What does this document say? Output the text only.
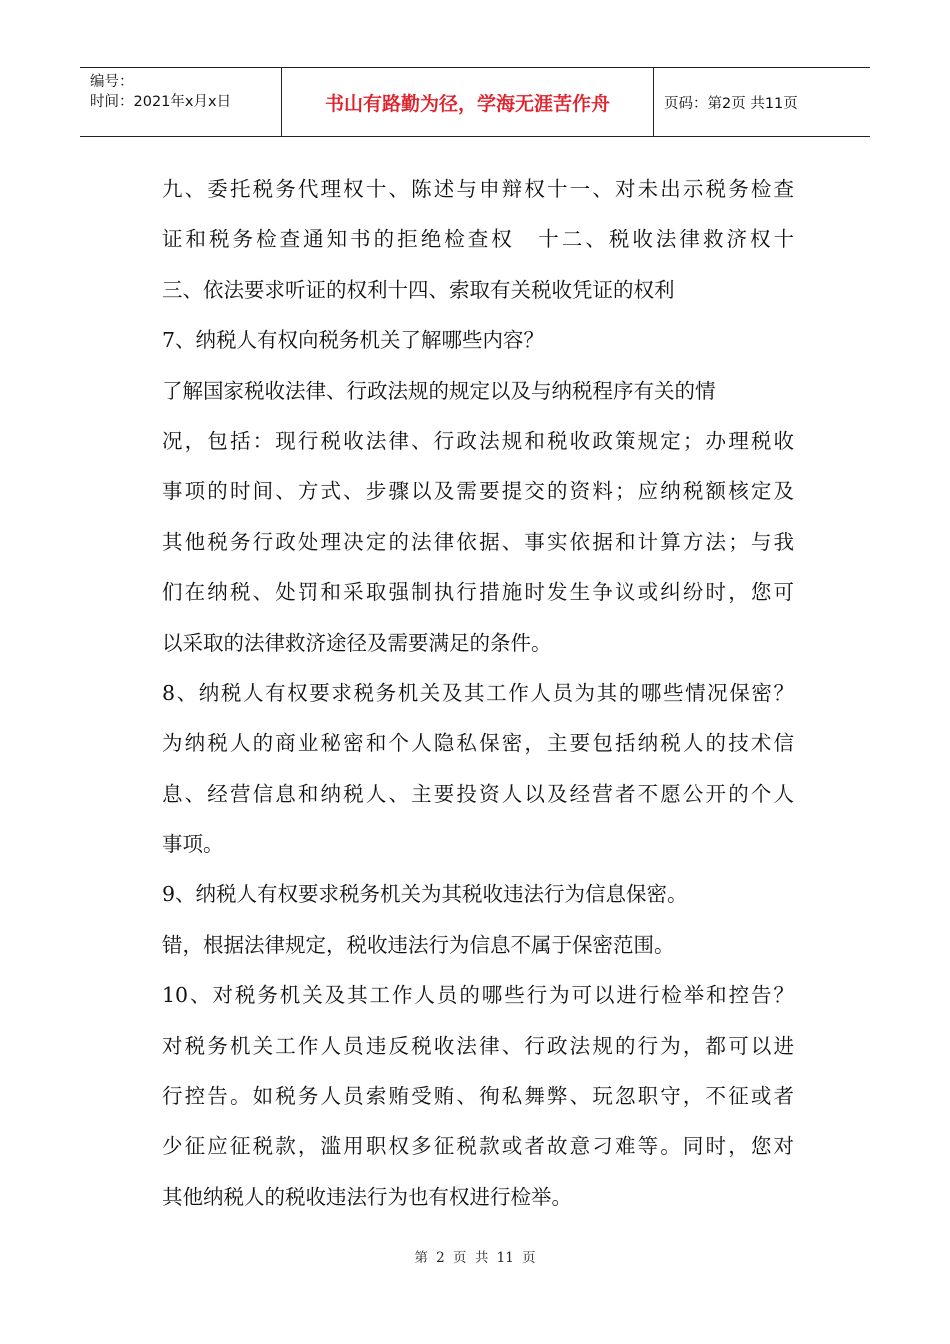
编号：
时间：2021年x月x日	书山有路勤为径，学海无涯苦作舟	页码：第2页 共11页
九、委托税务代理权十、陈述与申辩权十一、对未出示税务检查
证和税务检查通知书的拒绝检查权　十二、税收法律救济权十
三、依法要求听证的权利十四、索取有关税收凭证的权利
7、纳税人有权向税务机关了解哪些内容？
了解国家税收法律、行政法规的规定以及与纳税程序有关的情
况，包括：现行税收法律、行政法规和税收政策规定；办理税收
事项的时间、方式、步骤以及需要提交的资料；应纳税额核定及
其他税务行政处理决定的法律依据、事实依据和计算方法；与我
们在纳税、处罚和采取强制执行措施时发生争议或纠纷时，您可
以采取的法律救济途径及需要满足的条件。
8、纳税人有权要求税务机关及其工作人员为其的哪些情况保密？
为纳税人的商业秘密和个人隐私保密，主要包括纳税人的技术信
息、经营信息和纳税人、主要投资人以及经营者不愿公开的个人
事项。
9、纳税人有权要求税务机关为其税收违法行为信息保密。
错，根据法律规定，税收违法行为信息不属于保密范围。
10、对税务机关及其工作人员的哪些行为可以进行检举和控告？
对税务机关工作人员违反税收法律、行政法规的行为，都可以进
行控告。如税务人员索贿受贿、徇私舞弊、玩忽职守，不征或者
少征应征税款，滥用职权多征税款或者故意刁难等。同时，您对
其他纳税人的税收违法行为也有权进行检举。
第 2 页 共 11 页
